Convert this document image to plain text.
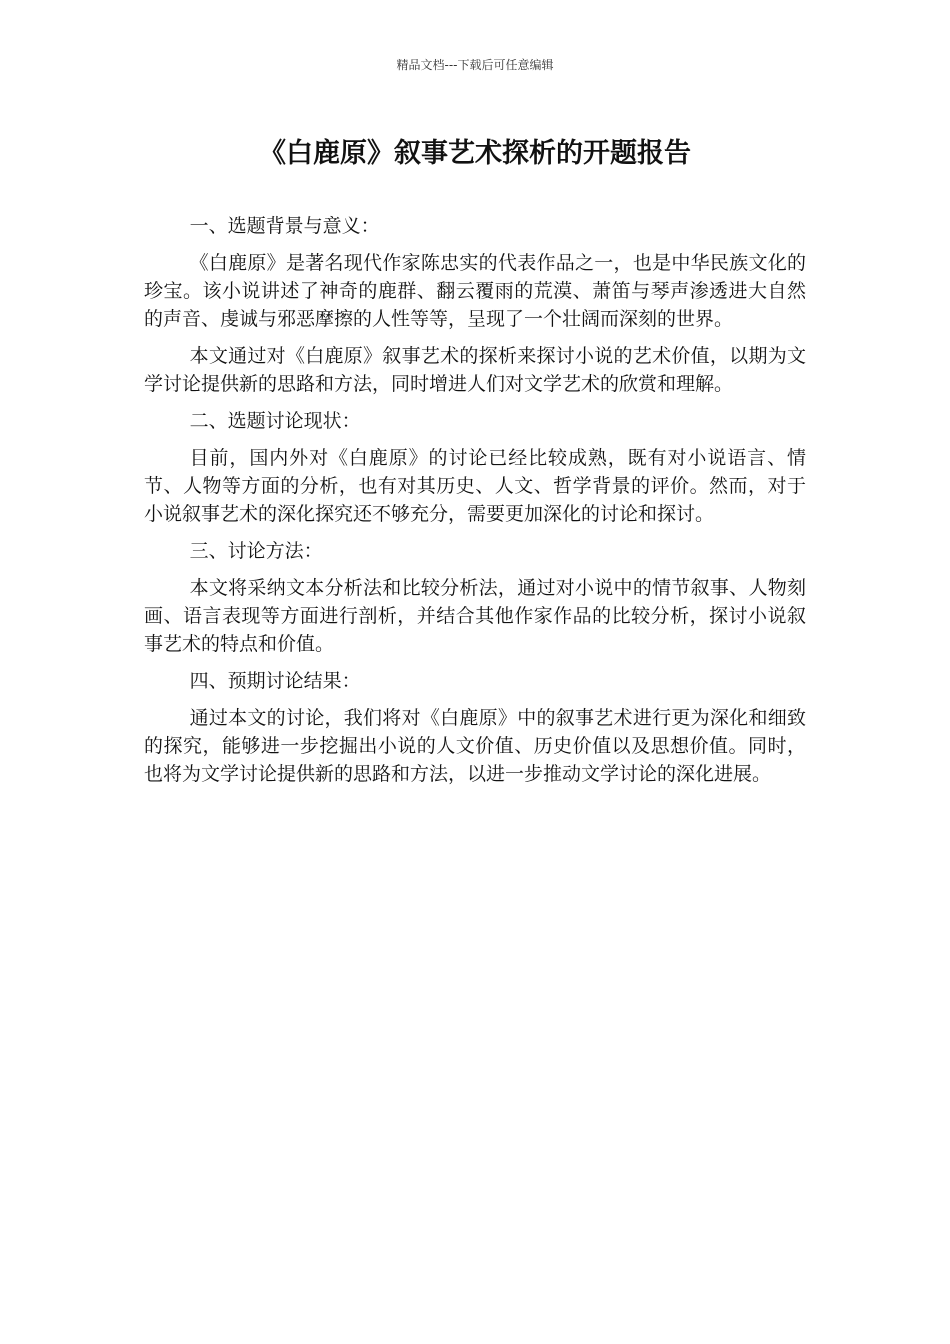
精品文档---下载后可任意编辑
《白鹿原》叙事艺术探析的开题报告

一、选题背景与意义：

《白鹿原》是著名现代作家陈忠实的代表作品之一，也是中华民族文化的珍宝。该小说讲述了神奇的鹿群、翻云覆雨的荒漠、萧笛与琴声渗透进大自然的声音、虔诚与邪恶摩擦的人性等等，呈现了一个壮阔而深刻的世界。

本文通过对《白鹿原》叙事艺术的探析来探讨小说的艺术价值，以期为文学讨论提供新的思路和方法，同时增进人们对文学艺术的欣赏和理解。

二、选题讨论现状：

目前，国内外对《白鹿原》的讨论已经比较成熟，既有对小说语言、情节、人物等方面的分析，也有对其历史、人文、哲学背景的评价。然而，对于小说叙事艺术的深化探究还不够充分，需要更加深化的讨论和探讨。

三、讨论方法：

本文将采纳文本分析法和比较分析法，通过对小说中的情节叙事、人物刻画、语言表现等方面进行剖析，并结合其他作家作品的比较分析，探讨小说叙事艺术的特点和价值。

四、预期讨论结果：

通过本文的讨论，我们将对《白鹿原》中的叙事艺术进行更为深化和细致的探究，能够进一步挖掘出小说的人文价值、历史价值以及思想价值。同时，也将为文学讨论提供新的思路和方法，以进一步推动文学讨论的深化进展。
